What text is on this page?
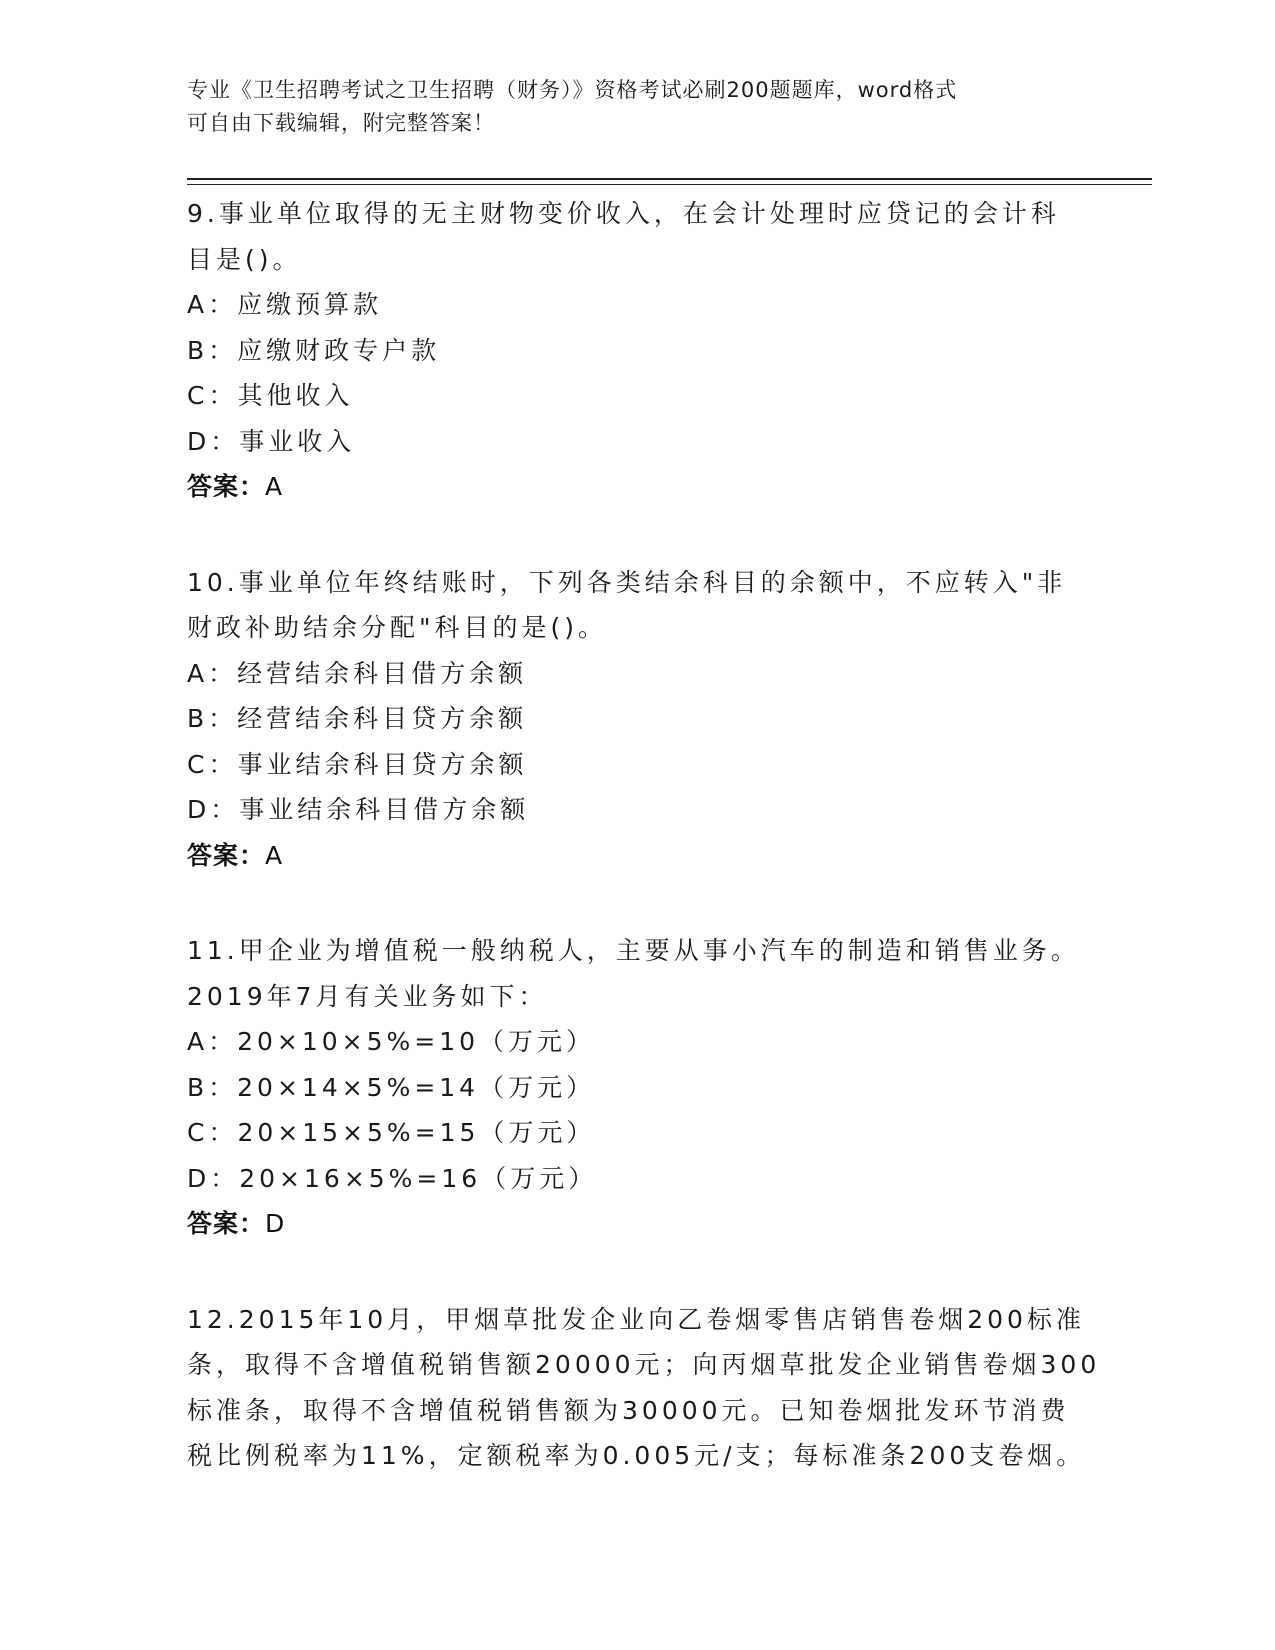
专业《卫生招聘考试之卫生招聘（财务）》资格考试必刷200题题库，word格式
可自由下载编辑，附完整答案！
9.事业单位取得的无主财物变价收入，在会计处理时应贷记的会计科
目是()。
A：应缴预算款
B：应缴财政专户款
C：其他收入
D：事业收入
答案：A
10.事业单位年终结账时，下列各类结余科目的余额中，不应转入"非
财政补助结余分配"科目的是()。
A：经营结余科目借方余额
B：经营结余科目贷方余额
C：事业结余科目贷方余额
D：事业结余科目借方余额
答案：A
11.甲企业为增值税一般纳税人，主要从事小汽车的制造和销售业务。
2019年7月有关业务如下：
A：20×10×5%=10（万元）
B：20×14×5%=14（万元）
C：20×15×5%=15（万元）
D：20×16×5%=16（万元）
答案：D
12.2015年10月，甲烟草批发企业向乙卷烟零售店销售卷烟200标准
条，取得不含增值税销售额20000元；向丙烟草批发企业销售卷烟300
标准条，取得不含增值税销售额为30000元。已知卷烟批发环节消费
税比例税率为11%，定额税率为0.005元/支；每标准条200支卷烟。
